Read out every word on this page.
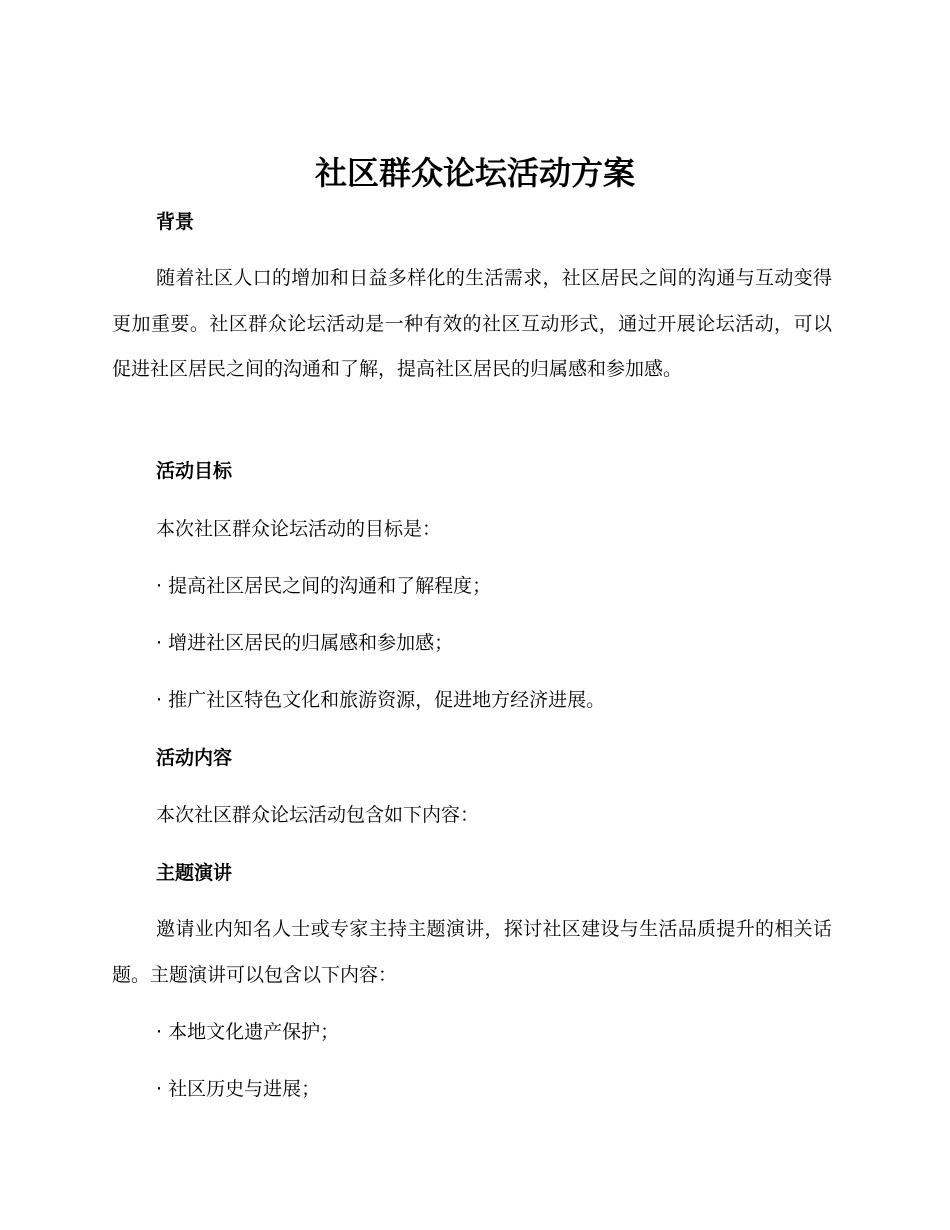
社区群众论坛活动方案
背景

随着社区人口的增加和日益多样化的生活需求，社区居民之间的沟通与互动变得更加重要。社区群众论坛活动是一种有效的社区互动形式，通过开展论坛活动，可以促进社区居民之间的沟通和了解，提高社区居民的归属感和参加感。

活动目标

本次社区群众论坛活动的目标是：

· 提高社区居民之间的沟通和了解程度；

· 增进社区居民的归属感和参加感；

· 推广社区特色文化和旅游资源，促进地方经济进展。

活动内容

本次社区群众论坛活动包含如下内容：

主题演讲

邀请业内知名人士或专家主持主题演讲，探讨社区建设与生活品质提升的相关话题。主题演讲可以包含以下内容：

· 本地文化遗产保护；

· 社区历史与进展；
